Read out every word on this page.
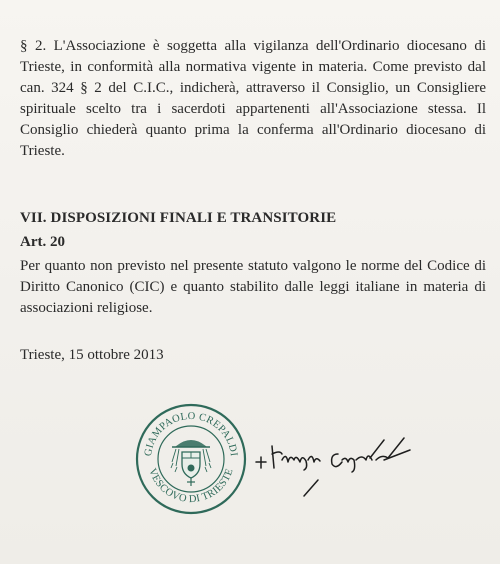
§ 2. L'Associazione è soggetta alla vigilanza dell'Ordinario diocesano di Trieste, in conformità alla normativa vigente in materia. Come previsto dal can. 324 § 2 del C.I.C., indicherà, attraverso il Consiglio, un Consigliere spirituale scelto tra i sacerdoti appartenenti all'Associazione stessa. Il Consiglio chiederà quanto prima la conferma all'Ordinario diocesano di Trieste.

VII. DISPOSIZIONI FINALI E TRANSITORIE

Art. 20

Per quanto non previsto nel presente statuto valgono le norme del Codice di Diritto Canonico (CIC) e quanto stabilito dalle leggi italiane in materia di associazioni religiose.

Trieste, 15 ottobre 2013

GIAMPAOLO CREPALDI
VESCOVO DI TRIESTE
